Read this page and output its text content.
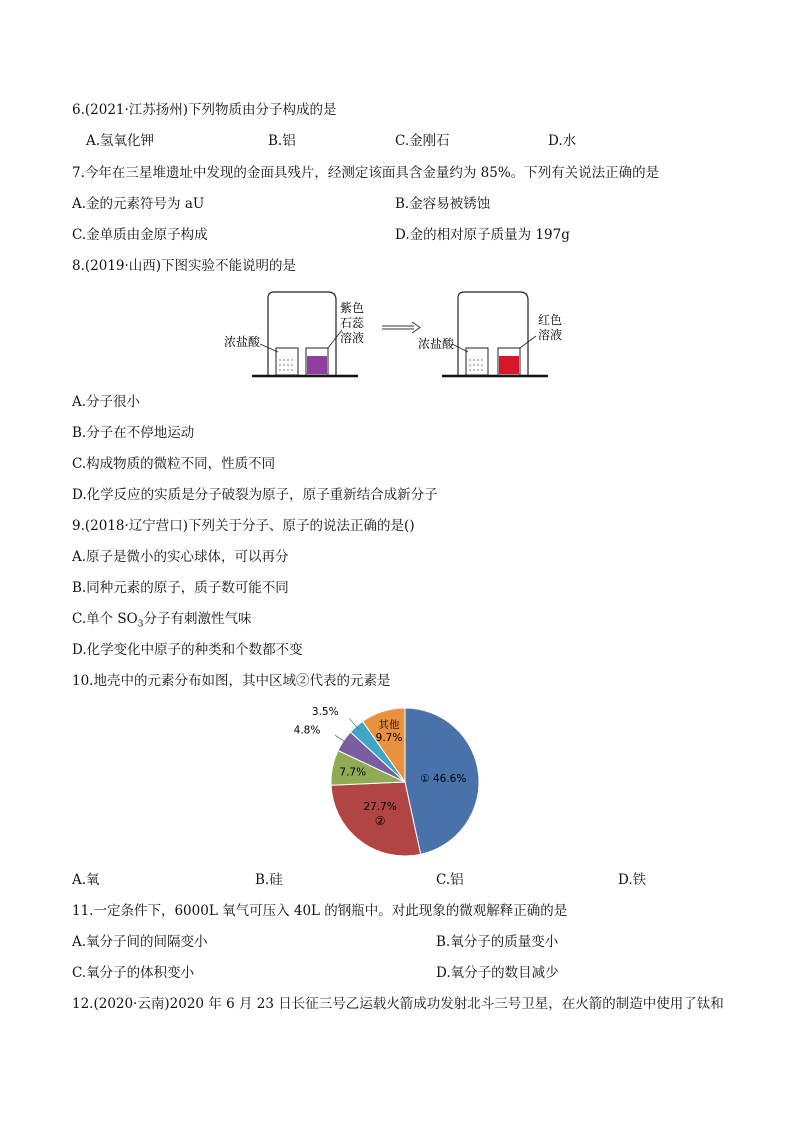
6.(2021·江苏扬州)下列物质由分子构成的是
A.氢氧化钾	B.铝	C.金刚石	D.水
7.今年在三星堆遗址中发现的金面具残片，经测定该面具含金量约为 85%。下列有关说法正确的是
A.金的元素符号为 aU	B.金容易被锈蚀
C.金单质由金原子构成	D.金的相对原子质量为 197g
8.(2019·山西)下图实验不能说明的是
浓盐酸
紫色
石蕊
溶液	浓盐酸
红色
溶液
A.分子很小
B.分子在不停地运动
C.构成物质的微粒不同，性质不同
D.化学反应的实质是分子破裂为原子，原子重新结合成新分子
9.(2018·辽宁营口)下列关于分子、原子的说法正确的是()
A.原子是微小的实心球体，可以再分
B.同种元素的原子，质子数可能不同
C.单个 $SO_3$分子有刺激性气味
D.化学变化中原子的种类和个数都不变
10.地壳中的元素分布如图，其中区域②代表的元素是
① 46.6%
27.7%
②
7.7%
4.8%
3.5%
其他
9.7%
A.氧	B.硅	C.铝	D.铁
11.一定条件下，6000L 氧气可压入 40L 的钢瓶中。对此现象的微观解释正确的是
A.氧分子间的间隔变小	B.氧分子的质量变小
C.氧分子的体积变小	D.氧分子的数目减少
12.(2020·云南)2020 年 6 月 23 日长征三号乙运载火箭成功发射北斗三号卫星，在火箭的制造中使用了钛和
